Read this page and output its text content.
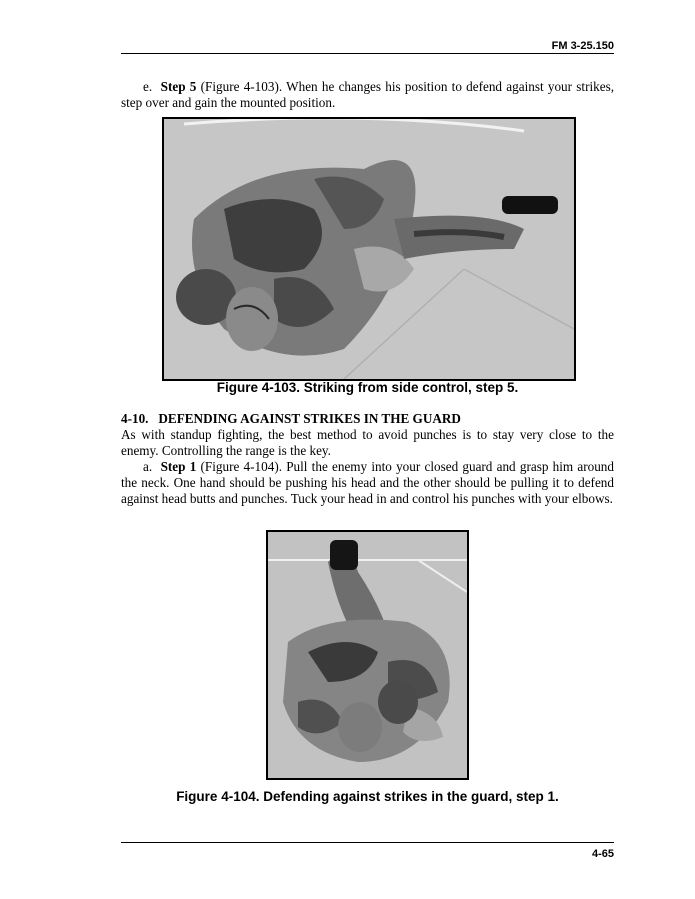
FM 3-25.150

e. Step 5 (Figure 4-103). When he changes his position to defend against your strikes, step over and gain the mounted position.

Figure 4-103. Striking from side control, step 5.
4-10. DEFENDING AGAINST STRIKES IN THE GUARD

As with standup fighting, the best method to avoid punches is to stay very close to the enemy. Controlling the range is the key.

a. Step 1 (Figure 4-104). Pull the enemy into your closed guard and grasp him around the neck. One hand should be pushing his head and the other should be pulling it to defend against head butts and punches. Tuck your head in and control his punches with your elbows.

Figure 4-104. Defending against strikes in the guard, step 1.
4-65
